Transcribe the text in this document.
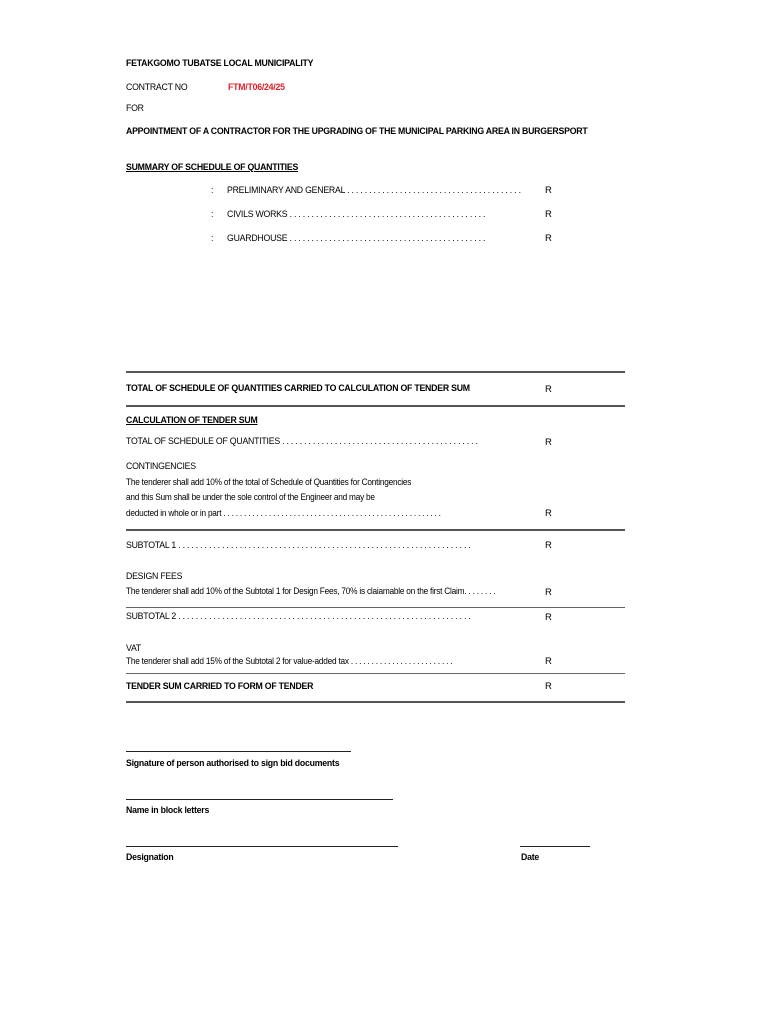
FETAKGOMO TUBATSE LOCAL MUNICIPALITY
CONTRACT NO	FTM/T06/24/25
FOR
APPOINTMENT OF A CONTRACTOR FOR THE UPGRADING OF THE MUNICIPAL PARKING AREA IN BURGERSPORT
SUMMARY OF SCHEDULE OF QUANTITIES
: PRELIMINARY AND GENERAL . . . . . . . . . . . . . . . . . . . . . . . . . . . . . . . . . . . . . . . .	R
: CIVILS WORKS . . . . . . . . . . . . . . . . . . . . . . . . . . . . . . . . . . . . . . . . . . . . .	R
: GUARDHOUSE . . . . . . . . . . . . . . . . . . . . . . . . . . . . . . . . . . . . . . . . . . . . .	R
TOTAL OF SCHEDULE OF QUANTITIES CARRIED TO CALCULATION OF TENDER SUM	R
CALCULATION OF TENDER SUM
TOTAL OF SCHEDULE OF QUANTITIES . . . . . . . . . . . . . . . . . . . . . . . . . . . . . . . . . . . . . . . . . . . . .	R
CONTINGENCIES
The tenderer shall add 10% of the total of Schedule of Quantities for Contingencies
and this Sum shall be under the sole control of the Engineer and may be
deducted in whole or in part . . . . . . . . . . . . . . . . . . . . . . . . . . . . . . . . . . . . . . . . . . . . . . . . . . . . .	R
SUBTOTAL 1 . . . . . . . . . . . . . . . . . . . . . . . . . . . . . . . . . . . . . . . . . . . . . . . . . . . . . . . . . . . . . . . . . . .	R
DESIGN FEES
The tenderer shall add 10% of the Subtotal 1 for Design Fees, 70% is claiamable on the first Claim. . . . . . . .	R
SUBTOTAL 2 . . . . . . . . . . . . . . . . . . . . . . . . . . . . . . . . . . . . . . . . . . . . . . . . . . . . . . . . . . . . . . . . . . .	R
VAT
The tenderer shall add 15% of the Subtotal 2 for value-added tax . . . . . . . . . . . . . . . . . . . . . . . . .	R
TENDER SUM CARRIED TO FORM OF TENDER	R
Signature of person authorised to sign bid documents
Name in block letters
Designation	Date
